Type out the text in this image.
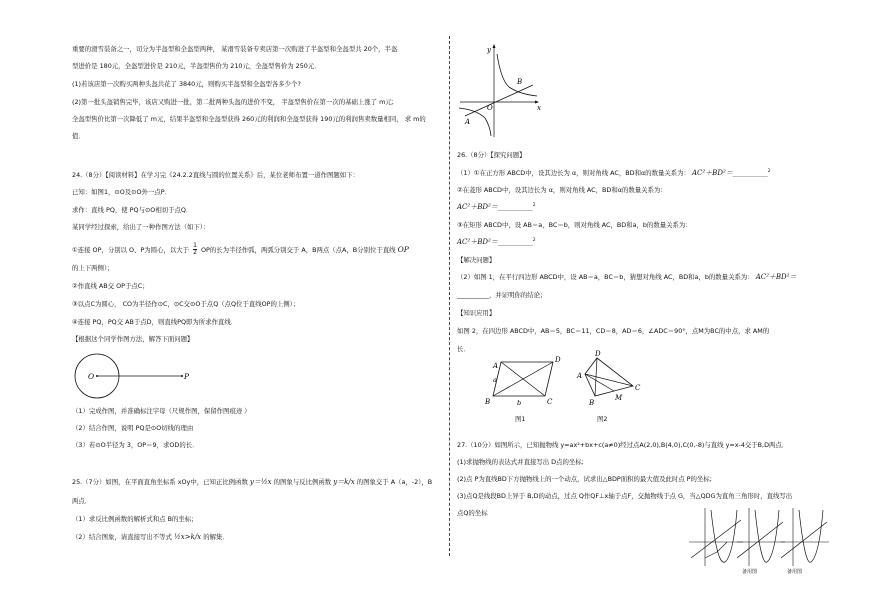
重要的滑雪装备之一，司分为半盔型和全盔型两种， 某滑雪装备专卖店第一次购进了半盔型和全盔型共 20个，半盔
型进价是 180元，全盔型进价是 210元，半盔型售价为 210元，全盔型售价为 250元．
(1)若该店第一次购买两种头盔共花了 3840元，则购买半盔型和全盔型各多少个?
(2)第一批头盔销售完毕，该店又购进一批，第二批两种头盔的进价不变， 半盔型售价在第一次的基础上涨了 m元;
全盔型售价比第一次降低了 m元，结果半盔型和全盔型获得 260元的利润和全盔型获得 190元的利润售卖数量相同， 求 m的
值．
24.（8分）【阅读材料】在学习完《24.2.2直线与圆的位置关系》后，某位老师布置一道作图题如下：
已知：如图1，⊙O及⊙O外一点P．
求作：直线 PQ，使 PQ与⊙O相切于点Q．
某同学经过探索，给出了一种作图方法（如下）：
①连接 OP，分别以 O、P为圆心，以大于 $\frac{1}{2}$ OP的长为半径作弧，两弧分别交于 A，B两点（点A，B分别位于直线 OP
的上下两侧）；
②作直线 AB交 OP于点C；
③以点C为圆心， CO为半径作⊙C，⊙C交⊙O于点Q（点Q位于直线OP的上侧）；
④连接 PQ，PQ交 AB于点D，则直线PQ即为所求作直线．
【根据这个同学作图方法，解答下面问题】
O	P
（1）完成作图，并准确标注字母（尺规作图，保留作图痕迹 ）
（2）结合作图，说明 PQ是⊙O切线的理由
（3）若⊙O半径为 3，OP＝9，求OD的长．
25.（7分）如图，在平面直角坐标系 xOy中，已知正比例函数 y＝½x 的图象与反比例函数 y＝k/x 的图象交于 A（a，-2），B
两点．
（1）求反比例函数的解析式和点 B的坐标；
（2）结合图象，请直接写出不等式 ½x>k/x 的解集．
y
x
O
A
B
26.（8分）【探究问题】
（1）①在正方形 ABCD中，设其边长为 α，则对角线 AC，BD和α的数量关系为： AC²＋BD²＝__________$^2$
②在菱形 ABCD中，设其边长为 α，则对角线 AC，BD和α的数量关系为：
AC²＋BD²＝__________$^2$
③在矩形 ABCD中，设 AB＝a，BC＝b，则对角线 AC，BD和a，b的数量关系为：
AC²＋BD²＝__________$^2$
【解决问题】
（2）如图 1，在平行四边形 ABCD中，设 AB＝a，BC＝b，猜想对角线 AC，BD和a，b的数量关系为： AC²＋BD²＝
__________，并证明你的结论；
【知识应用】
如图 2，在四边形 ABCD中，AB＝5，BC＝11，CD＝8，AD＝6，∠ADC＝90°，点M为BC的中点，求 AM的
长．
A
D
B	C
a
b
图1
A
D
C
B
M
图2
27.（10分）如图所示，已知抛物线 y=ax²+bx+c(a≠0)经过点A(2,0),B(4,0),C(0,-8)与直线 y=x-4交于B,D两点．
(1)求抛物线的表达式并直接写出 D点的坐标;
(2)点 P为直线BD下方抛物线上的一个动点，试求出△BDP面积的最大值及此时点 P的坐标;
(3)点Q是线段BD上异于 B,D的动点，过点 Q作QF⊥x轴于点F，交抛物线于点 G，当△QDG为直角三角形时，直线写出
点Q的坐标
备用图	备用图
